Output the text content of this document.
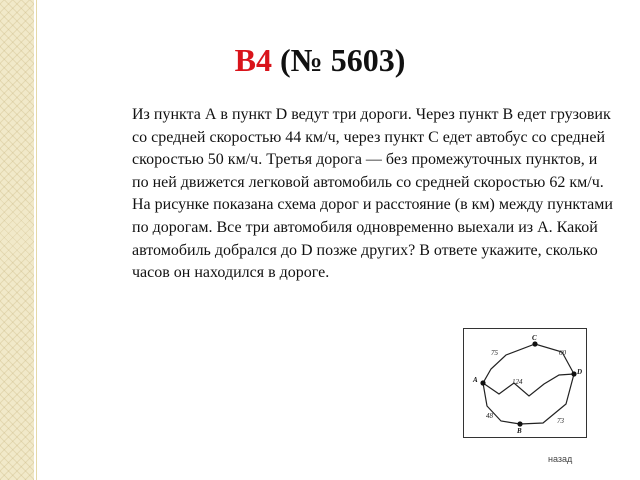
В4 (№ 5603)

Из пункта А в пункт D ведут три дороги. Через пункт В едет грузовик со средней скоростью 44 км/ч, через пункт С едет автобус со средней скоростью 50 км/ч. Третья дорога — без промежуточных пунктов, и по ней движется легковой автомобиль со средней скоростью 62 км/ч. На рисунке показана схема дорог и расстояние (в км) между пунктами по дорогам. Все три автомобиля одновременно выехали из А. Какой автомобиль добрался до D позже других? В ответе укажите, сколько часов он находился в дороге.

A
C
D
B
75	60
124
48
73
назад
